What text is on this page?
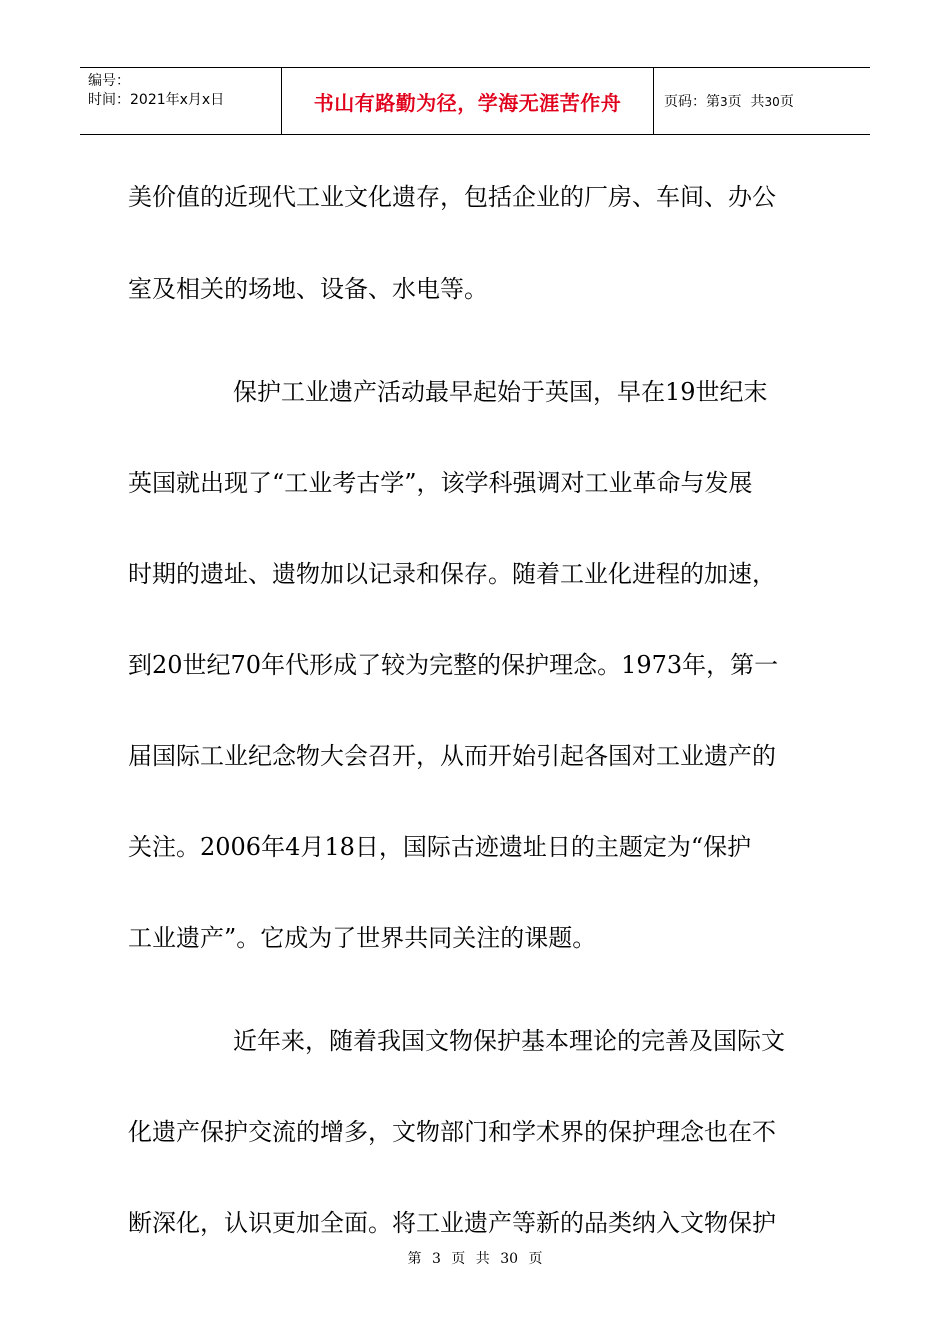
编号：
时间：2021年x月x日	书山有路勤为径，学海无涯苦作舟	页码：第3页  共30页
美价值的近现代工业文化遗存，包括企业的厂房、车间、办公
室及相关的场地、设备、水电等。
保护工业遗产活动最早起始于英国，早在19世纪末
英国就出现了“工业考古学”，该学科强调对工业革命与发展
时期的遗址、遗物加以记录和保存。随着工业化进程的加速，
到20世纪70年代形成了较为完整的保护理念。1973年，第一
届国际工业纪念物大会召开，从而开始引起各国对工业遗产的
关注。2006年4月18日，国际古迹遗址日的主题定为“保护
工业遗产”。它成为了世界共同关注的课题。
近年来，随着我国文物保护基本理论的完善及国际文
化遗产保护交流的增多，文物部门和学术界的保护理念也在不
断深化，认识更加全面。将工业遗产等新的品类纳入文物保护
第 3 页 共 30 页
